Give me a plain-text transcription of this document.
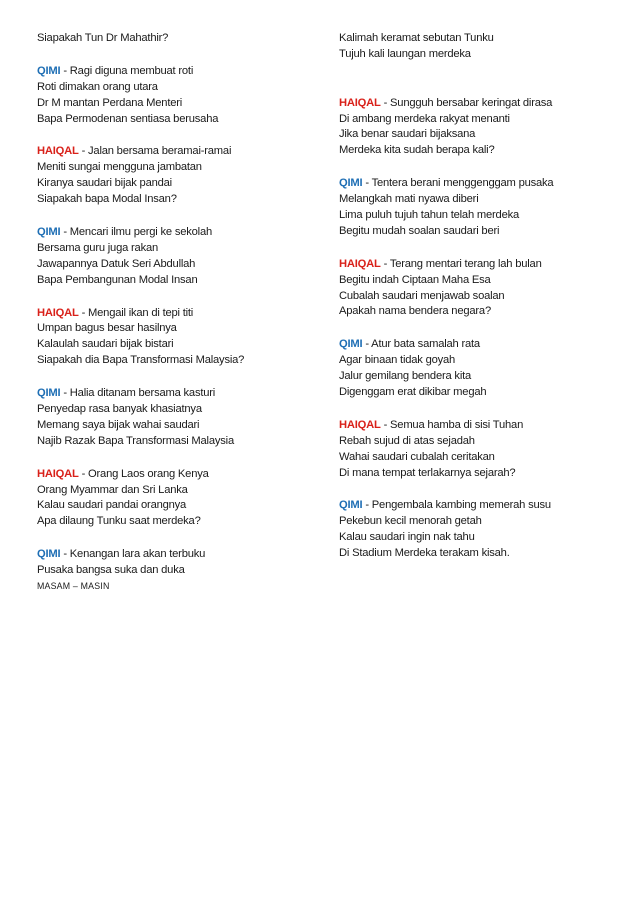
Siapakah Tun Dr Mahathir?
QIMI - Ragi diguna membuat roti
Roti dimakan orang utara
Dr M mantan Perdana Menteri
Bapa Permodenan sentiasa berusaha
HAIQAL - Jalan bersama beramai-ramai
Meniti sungai mengguna jambatan
Kiranya saudari bijak pandai
Siapakah bapa Modal Insan?
QIMI - Mencari ilmu pergi ke sekolah
Bersama guru juga rakan
Jawapannya Datuk Seri Abdullah
Bapa Pembangunan Modal Insan
HAIQAL - Mengail ikan di tepi titi
Umpan bagus besar hasilnya
Kalaulah saudari bijak bistari
Siapakah dia Bapa Transformasi Malaysia?
QIMI - Halia ditanam bersama kasturi
Penyedap rasa banyak khasiatnya
Memang saya bijak wahai saudari
Najib Razak Bapa Transformasi Malaysia
HAIQAL - Orang Laos orang Kenya
Orang Myammar dan Sri Lanka
Kalau saudari pandai orangnya
Apa dilaung Tunku saat merdeka?
QIMI - Kenangan lara akan terbuku
Pusaka bangsa suka dan duka
MASAM – MASIN
Kalimah keramat sebutan Tunku
Tujuh kali laungan merdeka
HAIQAL - Sungguh bersabar keringat dirasa
Di ambang merdeka rakyat menanti
Jika benar saudari bijaksana
Merdeka kita sudah berapa kali?
QIMI - Tentera berani menggenggam pusaka
Melangkah mati nyawa diberi
Lima puluh tujuh tahun telah merdeka
Begitu mudah soalan saudari beri
HAIQAL - Terang mentari terang lah bulan
Begitu indah Ciptaan Maha Esa
Cubalah saudari menjawab soalan
Apakah nama bendera negara?
QIMI - Atur bata samalah rata
Agar binaan tidak goyah
Jalur gemilang bendera kita
Digenggam erat dikibar megah
HAIQAL - Semua hamba di sisi Tuhan
Rebah sujud di atas sejadah
Wahai saudari cubalah ceritakan
Di mana tempat terlakarnya sejarah?
QIMI - Pengembala kambing memerah susu
Pekebun kecil menorah getah
Kalau saudari ingin nak tahu
Di Stadium Merdeka terakam kisah.
